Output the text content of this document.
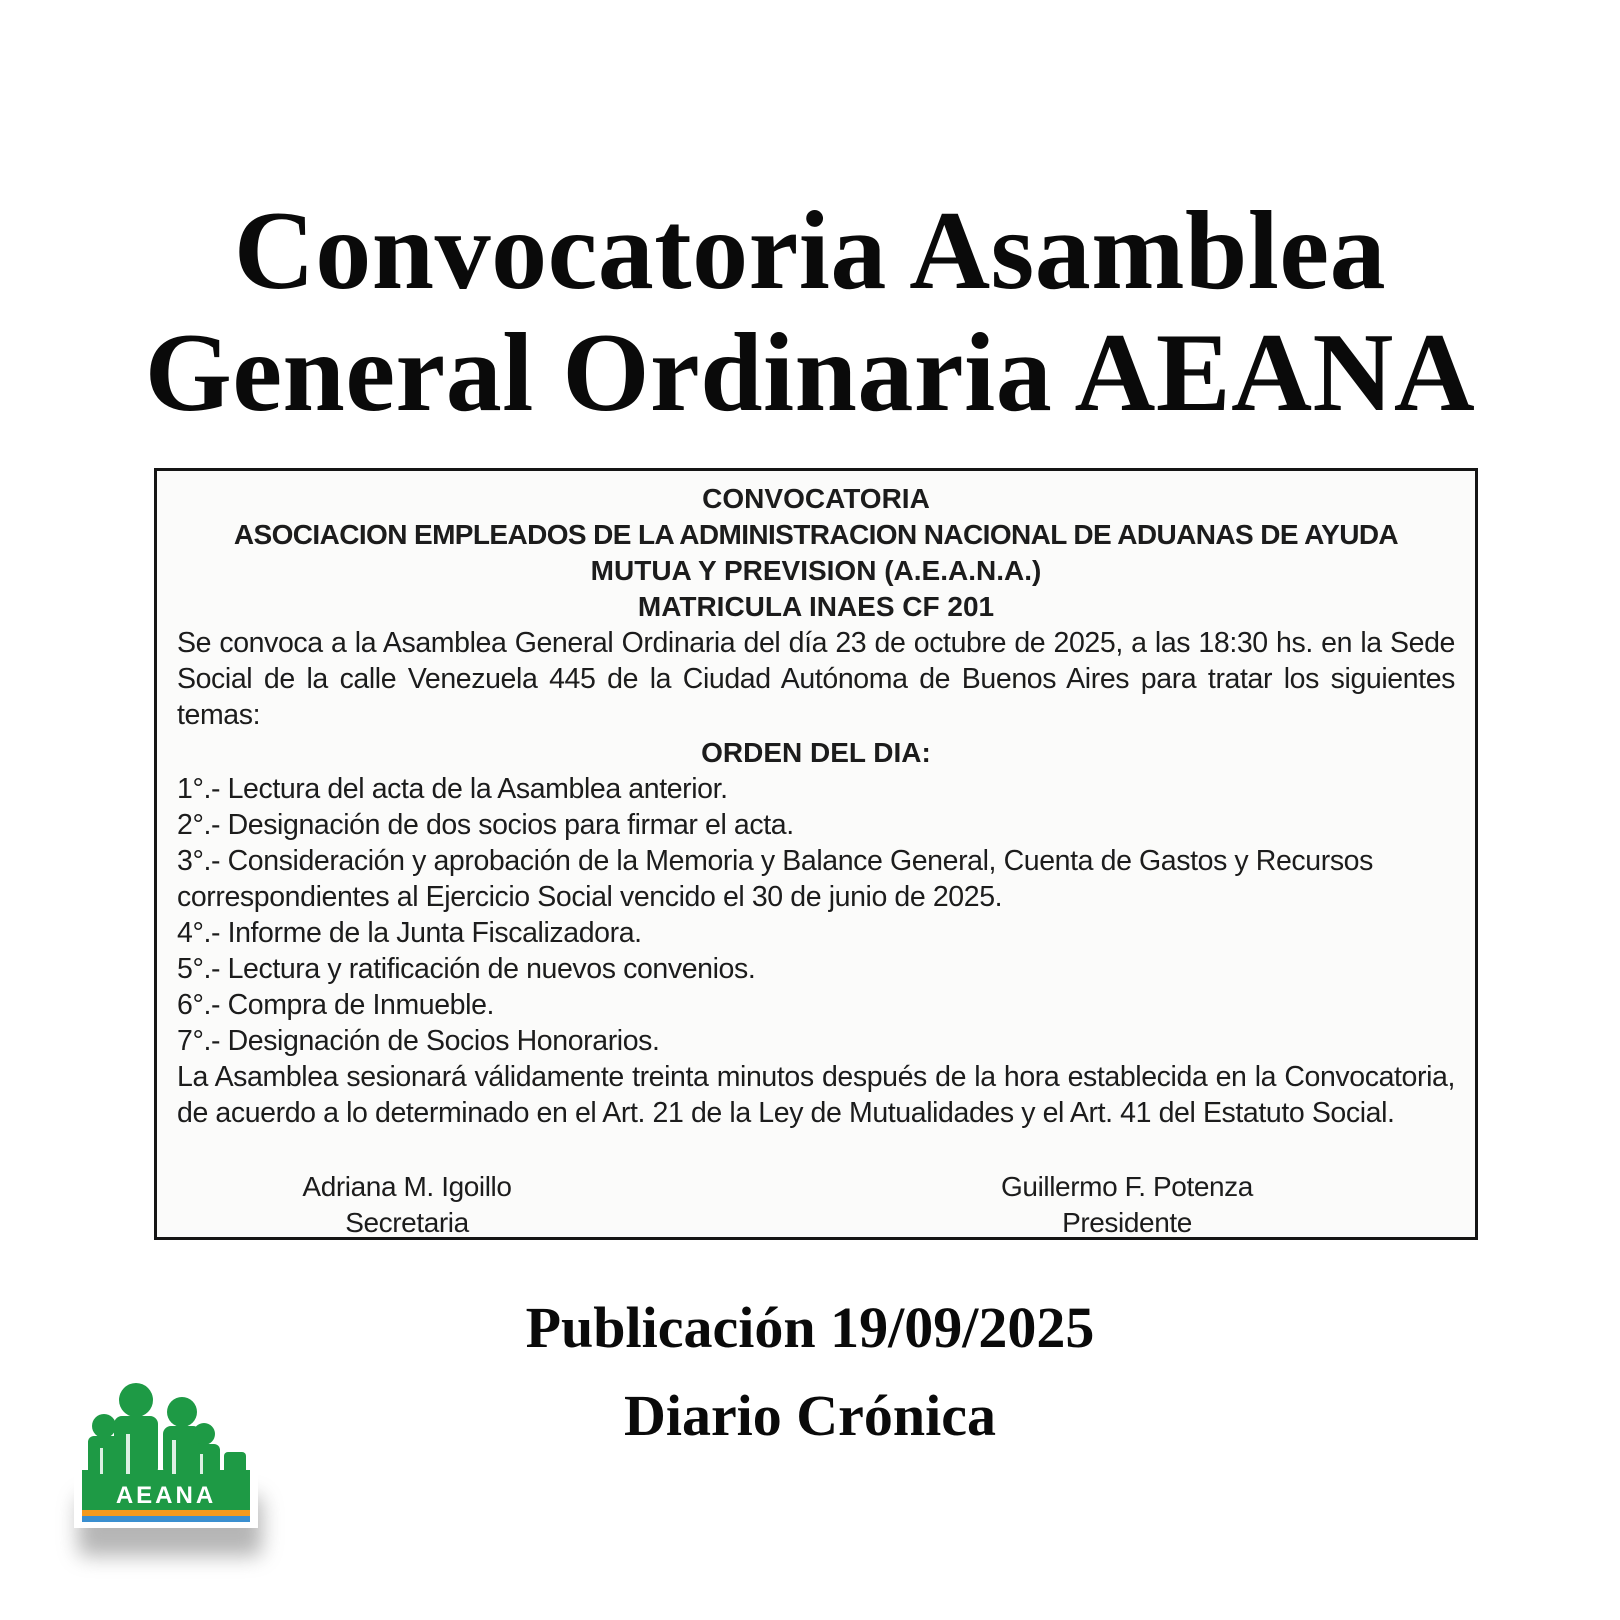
Convocatoria Asamblea
General Ordinaria AEANA
CONVOCATORIA
ASOCIACION EMPLEADOS DE LA ADMINISTRACION NACIONAL DE ADUANAS DE AYUDA
MUTUA Y PREVISION (A.E.A.N.A.)
MATRICULA INAES CF 201
Se convoca a la Asamblea General Ordinaria del día 23 de octubre de 2025, a las 18:30 hs. en la Sede Social de la calle Venezuela 445 de la Ciudad Autónoma de Buenos Aires para tratar los siguientes temas:
ORDEN DEL DIA:
1°.- Lectura del acta de la Asamblea anterior.
2°.- Designación de dos socios para firmar el acta.
3°.- Consideración y aprobación de la Memoria y Balance General, Cuenta de Gastos y Recursos correspondientes al Ejercicio Social vencido el 30 de junio de 2025.
4°.- Informe de la Junta Fiscalizadora.
5°.- Lectura y ratificación de nuevos convenios.
6°.- Compra de Inmueble.
7°.- Designación de Socios Honorarios.
La Asamblea sesionará válidamente treinta minutos después de la hora establecida en la Convocatoria, de acuerdo a lo determinado en el Art. 21 de la Ley de Mutualidades y el Art. 41 del Estatuto Social.
Adriana M. Igoillo
Secretaria
Guillermo F. Potenza
Presidente
Publicación 19/09/2025
Diario Crónica
AEANA
